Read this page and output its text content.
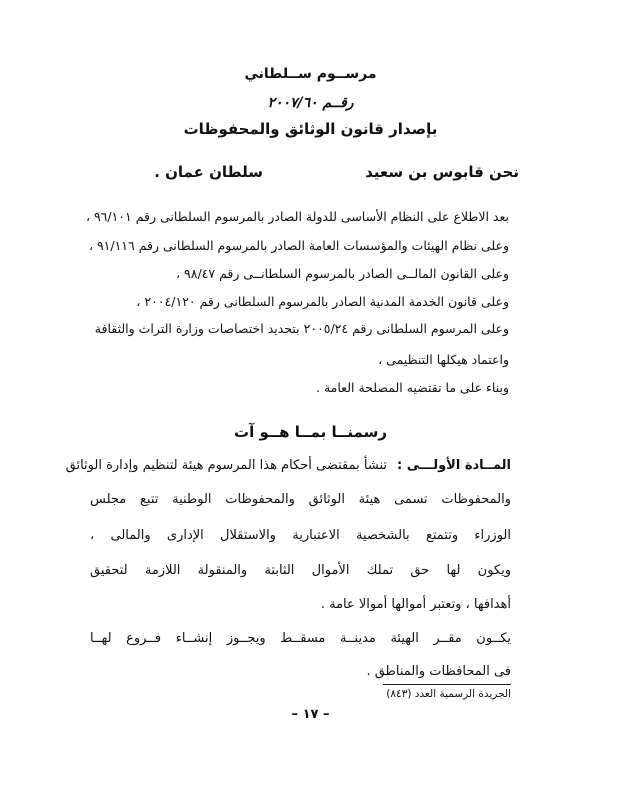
مرســوم ســلطاني
رقــم ٢٠٠٧/٦٠
بإصدار قانون الوثائق والمحفوظات
نحن قابوس بن سعيد
سلطان عمان .
بعد الاطلاع على النظام الأساسى للدولة الصادر بالمرسوم السلطانى رقم ٩٦/١٠١ ،
وعلى نظام الهيئات والمؤسسات العامة الصادر بالمرسوم السلطانى رقم ٩١/١١٦ ،
وعلى القانون المالــى الصادر بالمرسوم السلطانــى رقم ٩٨/٤٧ ،
وعلى قانون الخدمة المدنية الصادر بالمرسوم السلطانى رقم ٢٠٠٤/١٢٠ ،
وعلى المرسوم السلطانى رقم ٢٠٠٥/٢٤ بتحديد اختصاصات وزارة التراث والثقافة
واعتماد هيكلها التنظيمى ،
وبناء على ما تقتضيه المصلحة العامة .
رسمنــا بمــا هــو آت
المــادة الأولـــى :تنشأ بمقتضى أحكام هذا المرسوم هيئة لتنظيم وإدارة الوثائق
والمحفوظات تسمى هيئة الوثائق والمحفوظات الوطنية تتبع مجلس
الوزراء وتتمتع بالشخصية الاعتبارية والاستقلال الإدارى والمالى ،
ويكون لها حق تملك الأموال الثابتة والمنقولة اللازمة لتحقيق
أهدافها ، وتعتبر أموالها أموالا عامة .
يكــون مقــر الهيئة مدينــة مسقــط ويجــوز إنشــاء فــروع لهــا
فى المحافظات والمناطق .
الجريدة الرسمية العدد (٨٤٣)
– ١٧ –
